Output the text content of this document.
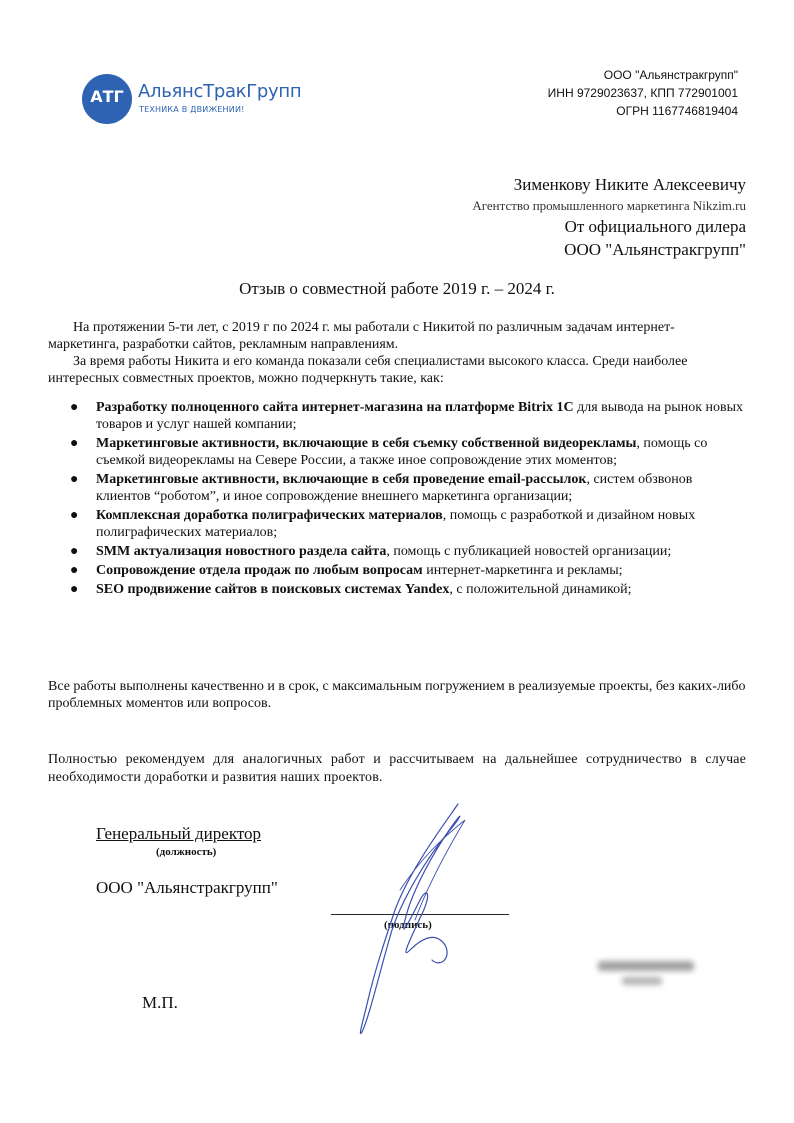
АТГ АльянсТракГрупп
ТЕХНИКА В ДВИЖЕНИИ!
ООО "Альянстракгрупп"
ИНН 9729023637, КПП 772901001
ОГРН 1167746819404
Зименкову Никите Алексеевичу
Агентство промышленного маркетинга Nikzim.ru
От официального дилера
ООО "Альянстракгрупп"
Отзыв о совместной работе 2019 г. – 2024 г.

На протяжении 5-ти лет, с 2019 г по 2024 г. мы работали с Никитой по различным задачам интернет-маркетинга, разработки сайтов, рекламным направлениям.

За время работы Никита и его команда показали себя специалистами высокого класса. Среди наиболее интересных совместных проектов, можно подчеркнуть такие, как:

● Разработку полноценного сайта интернет-магазина на платформе Bitrix 1С для вывода на рынок новых товаров и услуг нашей компании;
● Маркетинговые активности, включающие в себя съемку собственной видеорекламы, помощь со съемкой видеорекламы на Севере России, а также иное сопровождение этих моментов;
● Маркетинговые активности, включающие в себя проведение email-рассылок, систем обзвонов клиентов “роботом”, и иное сопровождение внешнего маркетинга организации;
● Комплексная доработка полиграфических материалов, помощь с разработкой и дизайном новых полиграфических материалов;
● SMM актуализация новостного раздела сайта, помощь с публикацией новостей организации;
● Сопровождение отдела продаж по любым вопросам интернет-маркетинга и рекламы;
● SEO продвижение сайтов в поисковых системах Yandex, с положительной динамикой;
Все работы выполнены качественно и в срок, с максимальным погружением в реализуемые проекты, без каких-либо проблемных моментов или вопросов.
Полностью рекомендуем для аналогичных работ и рассчитываем на дальнейшее сотрудничество в случае необходимости доработки и развития наших проектов.
Генеральный директор
(должность)
ООО "Альянстракгрупп"
(подпись)
М.П.
